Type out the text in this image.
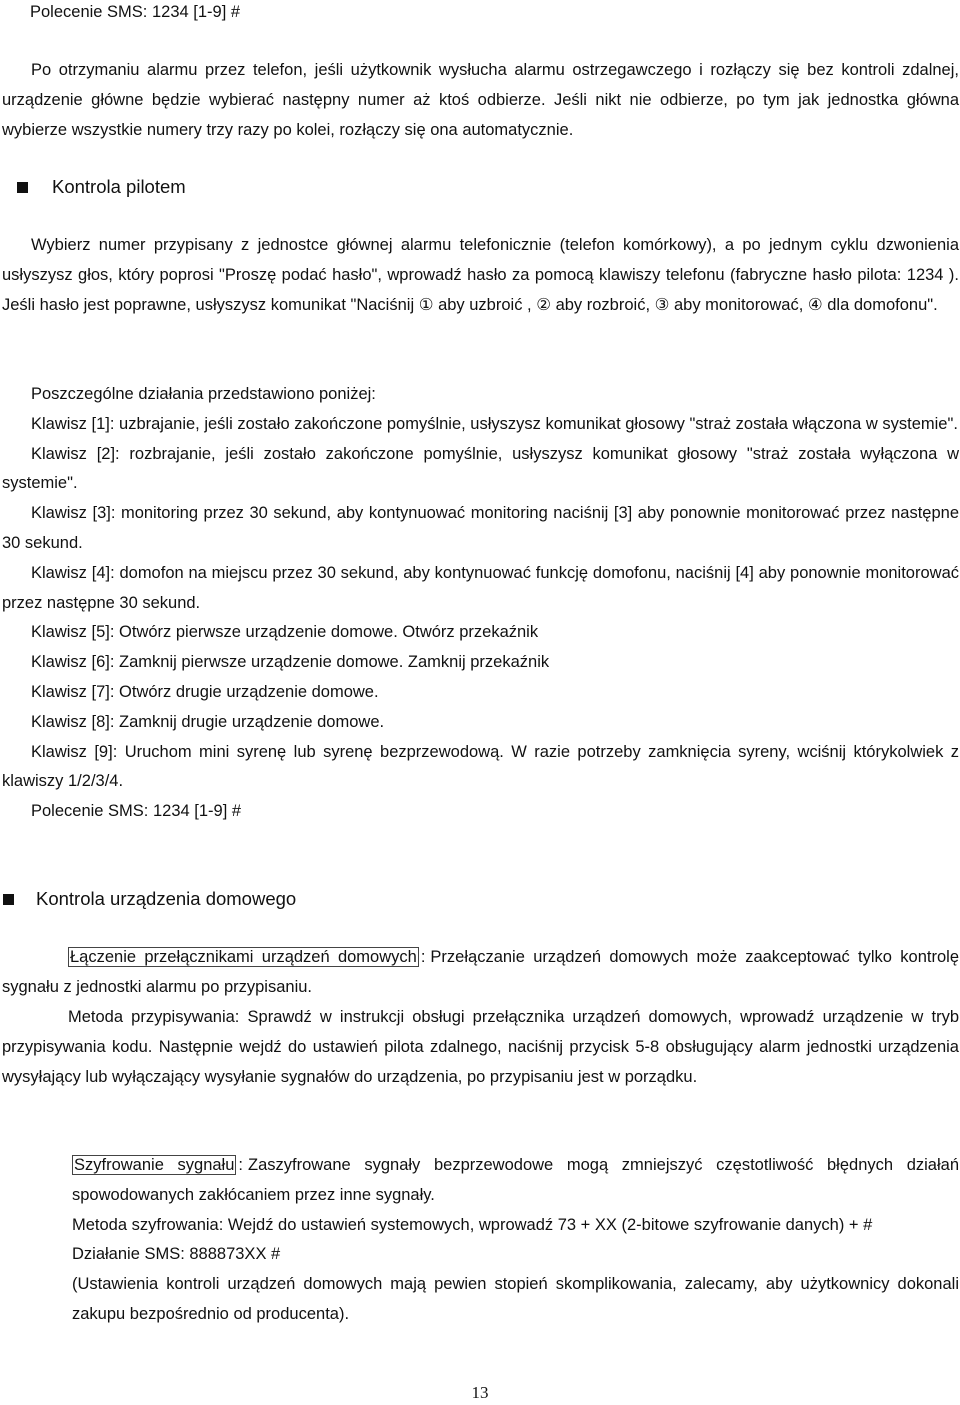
Polecenie SMS: 1234 [1-9] #

Po otrzymaniu alarmu przez telefon, jeśli użytkownik wysłucha alarmu ostrzegawczego i rozłączy się bez kontroli zdalnej, urządzenie główne będzie wybierać następny numer aż ktoś odbierze. Jeśli nikt nie odbierze, po tym jak jednostka główna wybierze wszystkie numery trzy razy po kolei, rozłączy się ona automatycznie.

Kontrola pilotem

Wybierz numer przypisany z jednostce głównej alarmu telefonicznie (telefon komórkowy), a po jednym cyklu dzwonienia usłyszysz głos, który poprosi "Proszę podać hasło", wprowadź hasło za pomocą klawiszy telefonu (fabryczne hasło pilota: 1234 ). Jeśli hasło jest poprawne, usłyszysz komunikat "Naciśnij ① aby uzbroić , ② aby rozbroić, ③ aby monitorować, ④ dla domofonu".

Poszczególne działania przedstawiono poniżej:

Klawisz [1]: uzbrajanie, jeśli zostało zakończone pomyślnie, usłyszysz komunikat głosowy "straż została włączona w systemie".

Klawisz [2]: rozbrajanie, jeśli zostało zakończone pomyślnie, usłyszysz komunikat głosowy "straż została wyłączona w systemie".

Klawisz [3]: monitoring przez 30 sekund, aby kontynuować monitoring naciśnij [3] aby ponownie monitorować przez następne 30 sekund.

Klawisz [4]: domofon na miejscu przez 30 sekund, aby kontynuować funkcję domofonu, naciśnij [4] aby ponownie monitorować przez następne 30 sekund.

Klawisz [5]: Otwórz pierwsze urządzenie domowe. Otwórz przekaźnik

Klawisz [6]: Zamknij pierwsze urządzenie domowe. Zamknij przekaźnik

Klawisz [7]: Otwórz drugie urządzenie domowe.

Klawisz [8]: Zamknij drugie urządzenie domowe.

Klawisz [9]: Uruchom mini syrenę lub syrenę bezprzewodową. W razie potrzeby zamknięcia syreny, wciśnij którykolwiek z klawiszy 1/2/3/4.

Polecenie SMS: 1234 [1-9] #

Kontrola urządzenia domowego

Łączenie przełącznikami urządzeń domowych : Przełączanie urządzeń domowych może zaakceptować tylko kontrolę sygnału z jednostki alarmu po przypisaniu.

Metoda przypisywania: Sprawdź w instrukcji obsługi przełącznika urządzeń domowych, wprowadź urządzenie w tryb przypisywania kodu. Następnie wejdź do ustawień pilota zdalnego, naciśnij przycisk 5-8 obsługujący alarm jednostki urządzenia wysyłający lub wyłączający wysyłanie sygnałów do urządzenia, po przypisaniu jest w porządku.

Szyfrowanie sygnału : Zaszyfrowane sygnały bezprzewodowe mogą zmniejszyć częstotliwość błędnych działań spowodowanych zakłócaniem przez inne sygnały.

Metoda szyfrowania: Wejdź do ustawień systemowych, wprowadź 73 + XX (2-bitowe szyfrowanie danych) + #

Działanie SMS: 888873XX #

(Ustawienia kontroli urządzeń domowych mają pewien stopień skomplikowania, zalecamy, aby użytkownicy dokonali zakupu bezpośrednio od producenta).

13
